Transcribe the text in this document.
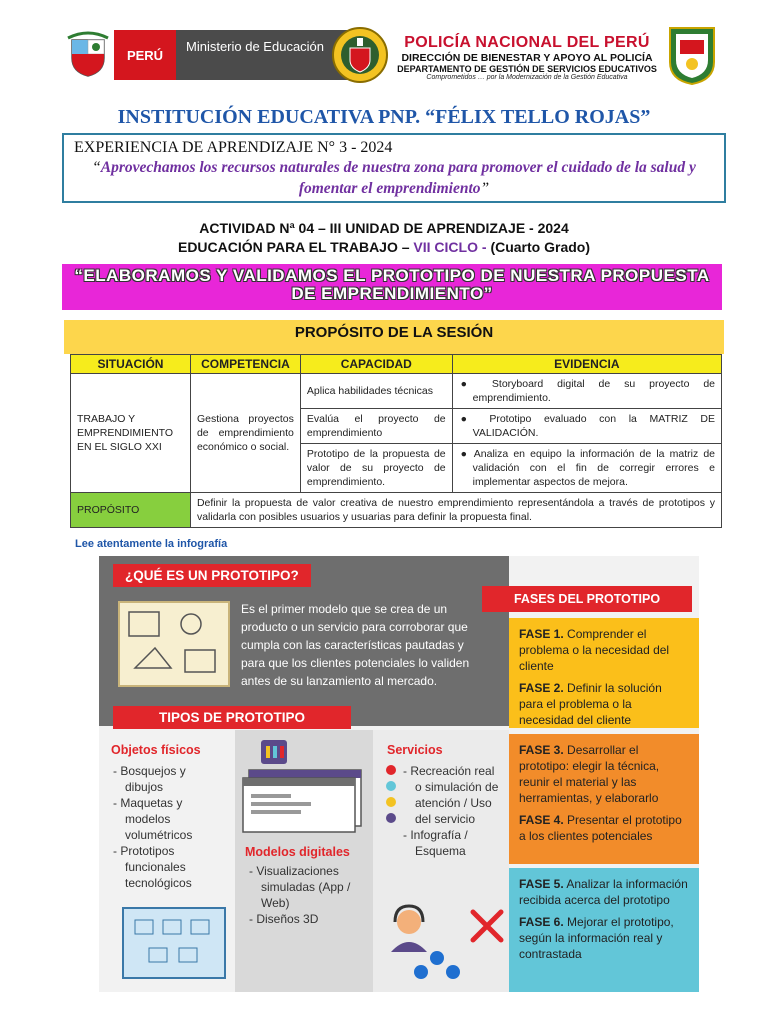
PERÚ
Ministerio de Educación	POLICÍA NACIONAL DEL PERÚ
DIRECCIÓN DE BIENESTAR Y APOYO AL POLICÍA
DEPARTAMENTO DE GESTIÓN DE SERVICIOS EDUCATIVOS
Comprometidos … por la Modernización de la Gestión Educativa
INSTITUCIÓN EDUCATIVA PNP. “FÉLIX TELLO ROJAS”
EXPERIENCIA DE APRENDIZAJE N° 3 - 2024
“Aprovechamos los recursos naturales de nuestra zona para promover el cuidado de la salud y fomentar el emprendimiento”
ACTIVIDAD Nª 04 – III UNIDAD DE APRENDIZAJE - 2024
EDUCACIÓN PARA EL TRABAJO – VII CICLO - (Cuarto Grado)
“ELABORAMOS Y VALIDAMOS EL PROTOTIPO DE NUESTRA PROPUESTA DE EMPRENDIMIENTO”
PROPÓSITO DE LA SESIÓN
SITUACIÓN	COMPETENCIA	CAPACIDAD	EVIDENCIA
TRABAJO Y EMPRENDIMIENTO EN EL SIGLO XXI	Gestiona proyectos de emprendimiento económico o social.	Aplica habilidades técnicas	● Storyboard digital de su proyecto de emprendimiento.

		Evalúa el proyecto de emprendimiento	● Prototipo evaluado con la MATRIZ DE VALIDACIÓN.

		Prototipo de la propuesta de valor de su proyecto de emprendimiento.	● Analiza en equipo la información de la matriz de validación con el fin de corregir errores e implementar aspectos de mejora.

PROPÓSITO	Definir la propuesta de valor creativa de nuestro emprendimiento representándola a través de prototipos y validarla con posibles usuarios y usuarias para definir la propuesta final.		
Lee atentamente la infografía
¿QUÉ ES UN PROTOTIPO?
Es el primer modelo que se crea de un producto o un servicio para corroborar que cumpla con las características pautadas y para que los clientes potenciales lo validen antes de su lanzamiento al mercado.
TIPOS DE PROTOTIPO
Objetos físicos
- Bosquejos y dibujos
- Maquetas y modelos volumétricos
- Prototipos funcionales tecnológicos
Modelos digitales
- Visualizaciones simuladas (App / Web)
- Diseños 3D
Servicios
- Recreación real o simulación de atención / Uso del servicio
- Infografía / Esquema
FASES DEL PROTOTIPO

FASE 1. Comprender el problema o la necesidad del cliente

FASE 2. Definir la solución para el problema o la necesidad del cliente

FASE 3. Desarrollar el prototipo: elegir la técnica, reunir el material y las herramientas, y elaborarlo

FASE 4. Presentar el prototipo a los clientes potenciales

FASE 5. Analizar la información recibida acerca del prototipo

FASE 6. Mejorar el prototipo, según la información real y contrastada
